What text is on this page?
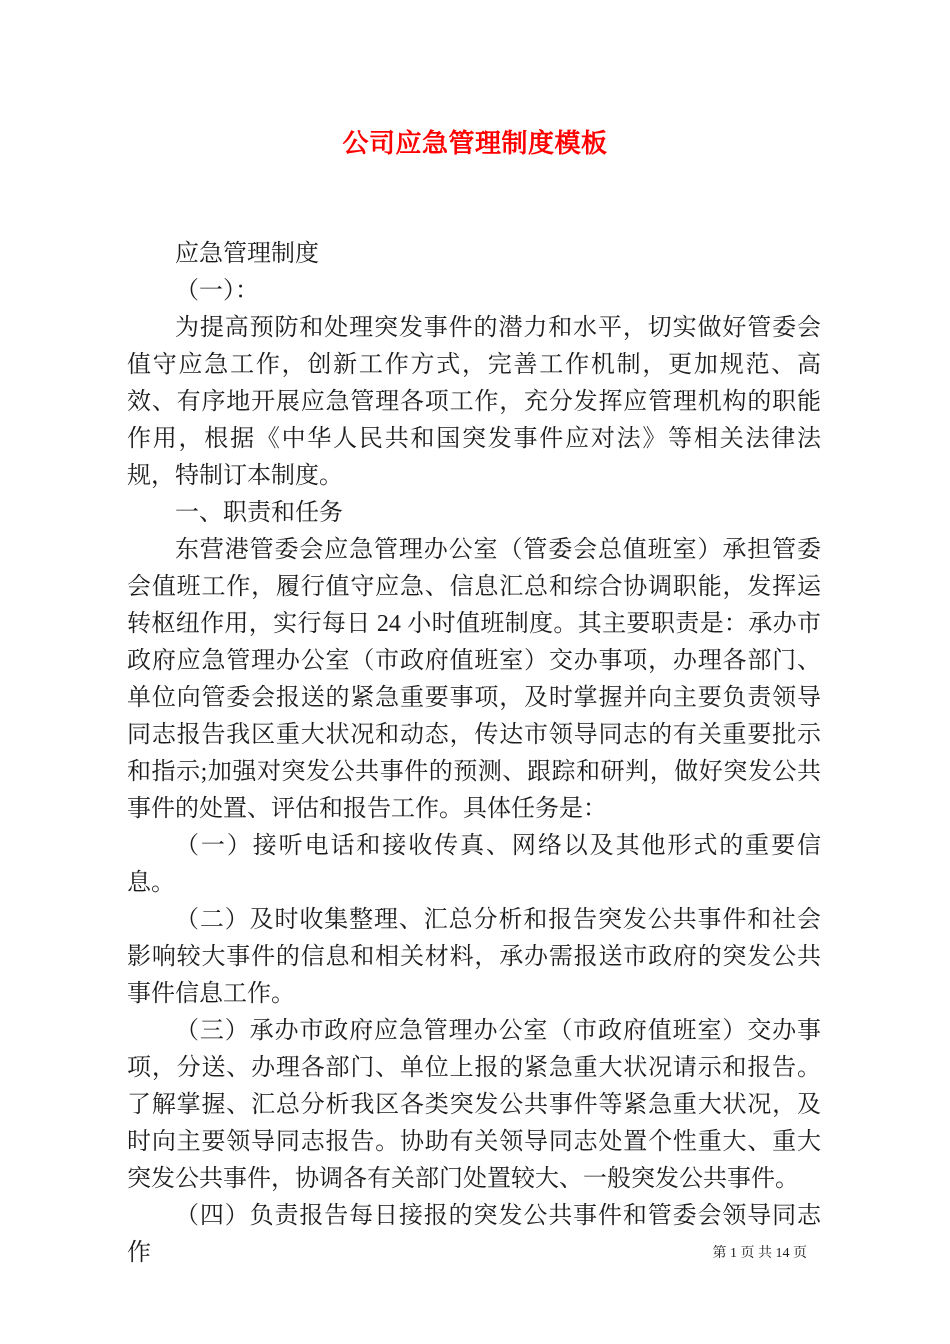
公司应急管理制度模板

应急管理制度

（一）：

为提高预防和处理突发事件的潜力和水平，切实做好管委会值守应急工作，创新工作方式，完善工作机制，更加规范、高效、有序地开展应急管理各项工作，充分发挥应管理机构的职能作用，根据《中华人民共和国突发事件应对法》等相关法律法规，特制订本制度。

一、职责和任务

东营港管委会应急管理办公室（管委会总值班室）承担管委会值班工作，履行值守应急、信息汇总和综合协调职能，发挥运转枢纽作用，实行每日 24 小时值班制度。其主要职责是：承办市政府应急管理办公室（市政府值班室）交办事项，办理各部门、单位向管委会报送的紧急重要事项，及时掌握并向主要负责领导同志报告我区重大状况和动态，传达市领导同志的有关重要批示和指示;加强对突发公共事件的预测、跟踪和研判，做好突发公共事件的处置、评估和报告工作。具体任务是：

（一）接听电话和接收传真、网络以及其他形式的重要信息。

（二）及时收集整理、汇总分析和报告突发公共事件和社会影响较大事件的信息和相关材料，承办需报送市政府的突发公共事件信息工作。

（三）承办市政府应急管理办公室（市政府值班室）交办事项，分送、办理各部门、单位上报的紧急重大状况请示和报告。了解掌握、汇总分析我区各类突发公共事件等紧急重大状况，及时向主要领导同志报告。协助有关领导同志处置个性重大、重大突发公共事件，协调各有关部门处置较大、一般突发公共事件。

（四）负责报告每日接报的突发公共事件和管委会领导同志作	第 1 页 共 14 页
